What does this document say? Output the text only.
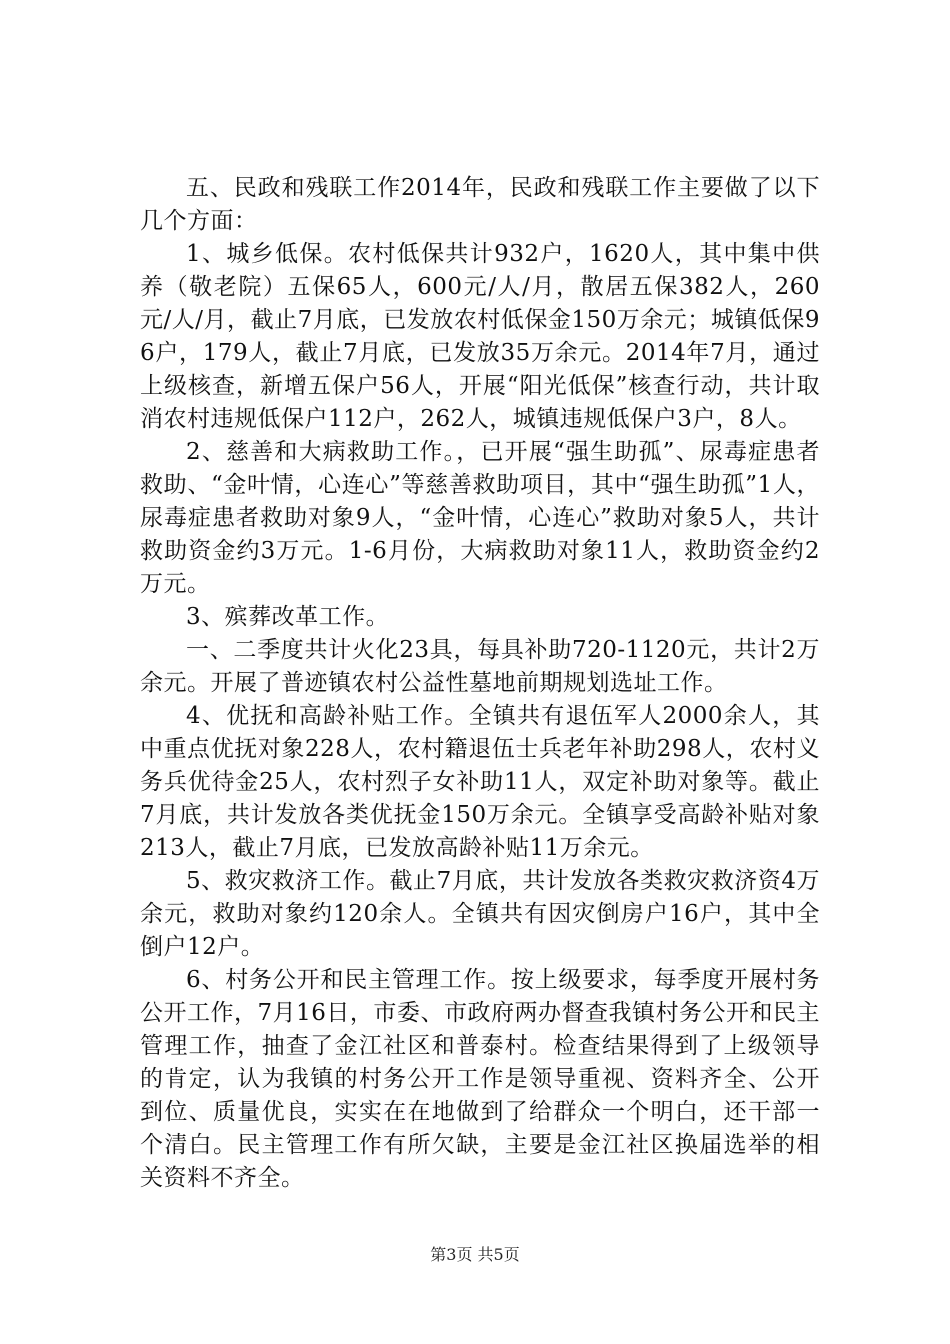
五、民政和残联工作2014年，民政和残联工作主要做了以下几个方面：

1、城乡低保。农村低保共计932户，1620人，其中集中供养（敬老院）五保65人，600元/人/月，散居五保382人，260元/人/月，截止7月底，已发放农村低保金150万余元；城镇低保96户，179人，截止7月底，已发放35万余元。2014年7月，通过上级核查，新增五保户56人，开展“阳光低保”核查行动，共计取消农村违规低保户112户，262人，城镇违规低保户3户，8人。

2、慈善和大病救助工作。，已开展“强生助孤”、尿毒症患者救助、“金叶情，心连心”等慈善救助项目，其中“强生助孤”1人，尿毒症患者救助对象9人，“金叶情，心连心”救助对象5人，共计救助资金约3万元。1-6月份，大病救助对象11人，救助资金约2万元。

3、殡葬改革工作。

一、二季度共计火化23具，每具补助720-1120元，共计2万余元。开展了普迹镇农村公益性墓地前期规划选址工作。

4、优抚和高龄补贴工作。全镇共有退伍军人2000余人，其中重点优抚对象228人，农村籍退伍士兵老年补助298人，农村义务兵优待金25人，农村烈子女补助11人，双定补助对象等。截止7月底，共计发放各类优抚金150万余元。全镇享受高龄补贴对象213人，截止7月底，已发放高龄补贴11万余元。

5、救灾救济工作。截止7月底，共计发放各类救灾救济资4万余元，救助对象约120余人。全镇共有因灾倒房户16户，其中全倒户12户。

6、村务公开和民主管理工作。按上级要求，每季度开展村务公开工作，7月16日，市委、市政府两办督查我镇村务公开和民主管理工作，抽查了金江社区和普泰村。检查结果得到了上级领导的肯定，认为我镇的村务公开工作是领导重视、资料齐全、公开到位、质量优良，实实在在地做到了给群众一个明白，还干部一个清白。民主管理工作有所欠缺，主要是金江社区换届选举的相关资料不齐全。

第3页 共5页
